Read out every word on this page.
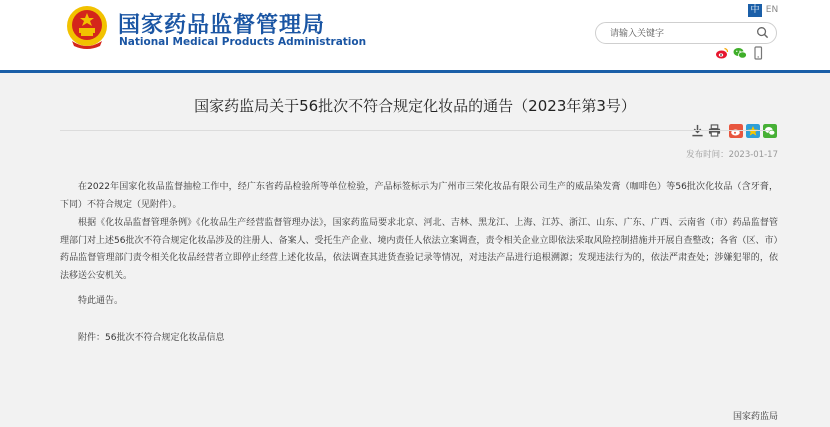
国家药品监督管理局
National Medical Products Administration
中 EN
请输入关键字
国家药监局关于56批次不符合规定化妆品的通告（2023年第3号）
发布时间：2023-01-17
在2022年国家化妆品监督抽检工作中，经广东省药品检验所等单位检验，产品标签标示为广州市三荣化妆品有限公司生产的威品染发膏（咖啡色）等56批次化妆品（含牙膏，下同）不符合规定（见附件）。
根据《化妆品监督管理条例》《化妆品生产经营监督管理办法》，国家药监局要求北京、河北、吉林、黑龙江、上海、江苏、浙江、山东、广东、广西、云南省（市）药品监督管理部门对上述56批次不符合规定化妆品涉及的注册人、备案人、受托生产企业、境内责任人依法立案调查，责令相关企业立即依法采取风险控制措施并开展自查整改；各省（区、市）药品监督管理部门责令相关化妆品经营者立即停止经营上述化妆品，依法调查其进货查验记录等情况，对违法产品进行追根溯源；发现违法行为的，依法严肃查处；涉嫌犯罪的，依法移送公安机关。
特此通告。
附件：56批次不符合规定化妆品信息
国家药监局
